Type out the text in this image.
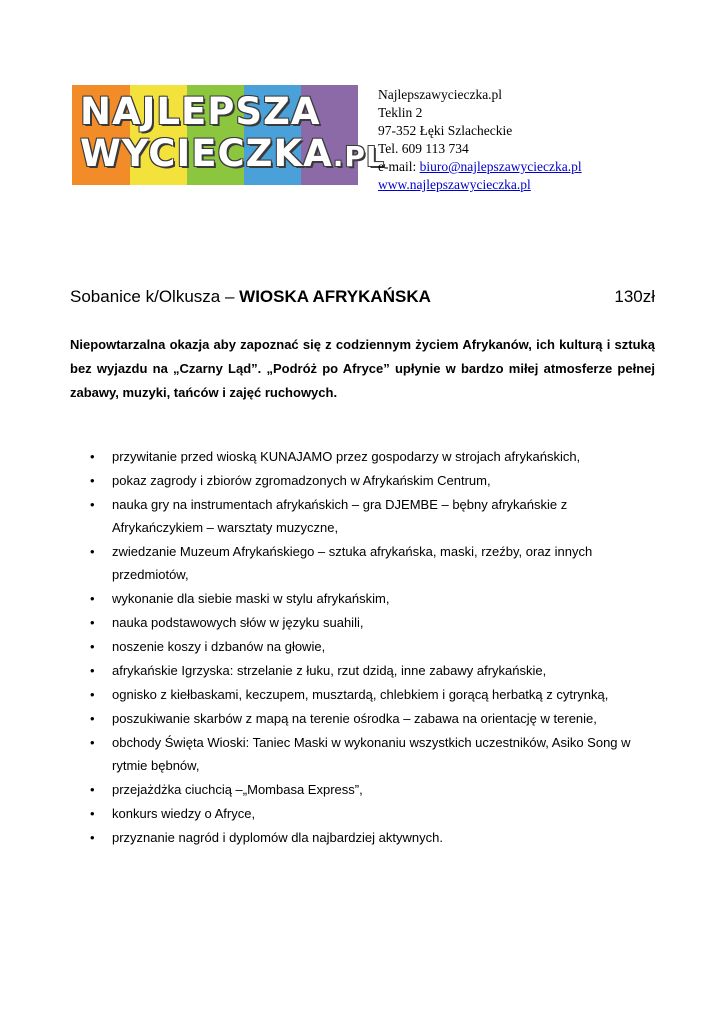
NAJLEPSZA
WYCIECZKA.PL
Najlepszawycieczka.pl
Teklin 2
97-352 Łęki Szlacheckie
Tel. 609 113 734
e-mail: biuro@najlepszawycieczka.pl
www.najlepszawycieczka.pl
Sobanice k/Olkusza – WIOSKA AFRYKAŃSKA	130zł
Niepowtarzalna okazja aby zapoznać się z codziennym życiem Afrykanów, ich kulturą i sztuką bez wyjazdu na „Czarny Ląd”. „Podróż po Afryce” upłynie w bardzo miłej atmosferze pełnej zabawy, muzyki, tańców i zajęć ruchowych.
• przywitanie przed wioską KUNAJAMO przez gospodarzy w strojach afrykańskich,
• pokaz zagrody i zbiorów zgromadzonych w Afrykańskim Centrum,
• nauka gry na instrumentach afrykańskich – gra DJEMBE – bębny afrykańskie z Afrykańczykiem – warsztaty muzyczne,
• zwiedzanie Muzeum Afrykańskiego – sztuka afrykańska, maski, rzeźby, oraz innych przedmiotów,
• wykonanie dla siebie maski w stylu afrykańskim,
• nauka podstawowych słów w języku suahili,
• noszenie koszy i dzbanów na głowie,
• afrykańskie Igrzyska: strzelanie z łuku, rzut dzidą, inne zabawy afrykańskie,
• ognisko z kiełbaskami, keczupem, musztardą, chlebkiem i gorącą herbatką z cytrynką,
• poszukiwanie skarbów z mapą na terenie ośrodka – zabawa na orientację w terenie,
• obchody Święta Wioski: Taniec Maski w wykonaniu wszystkich uczestników, Asiko Song w rytmie bębnów,
• przejażdżka ciuchcią –„Mombasa Express”,
• konkurs wiedzy o Afryce,
• przyznanie nagród i dyplomów dla najbardziej aktywnych.
